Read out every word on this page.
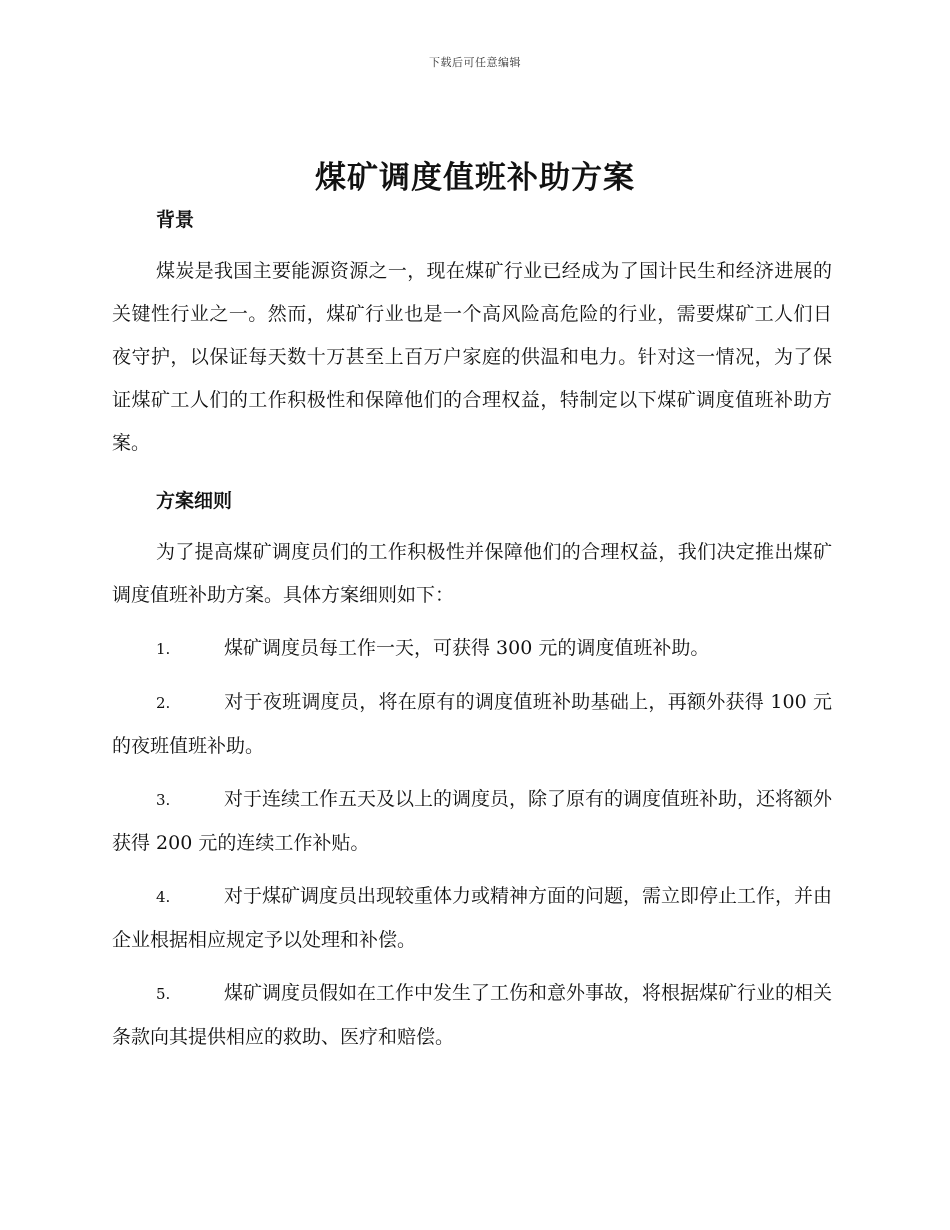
下载后可任意编辑
煤矿调度值班补助方案
背景

煤炭是我国主要能源资源之一，现在煤矿行业已经成为了国计民生和经济进展的关键性行业之一。然而，煤矿行业也是一个高风险高危险的行业，需要煤矿工人们日夜守护，以保证每天数十万甚至上百万户家庭的供温和电力。针对这一情况，为了保证煤矿工人们的工作积极性和保障他们的合理权益，特制定以下煤矿调度值班补助方案。

方案细则

为了提高煤矿调度员们的工作积极性并保障他们的合理权益，我们决定推出煤矿调度值班补助方案。具体方案细则如下：

1.	煤矿调度员每工作一天，可获得 300 元的调度值班补助。

2.	对于夜班调度员，将在原有的调度值班补助基础上，再额外获得 100 元的夜班值班补助。

3.	对于连续工作五天及以上的调度员，除了原有的调度值班补助，还将额外获得 200 元的连续工作补贴。

4.	对于煤矿调度员出现较重体力或精神方面的问题，需立即停止工作，并由企业根据相应规定予以处理和补偿。

5.	煤矿调度员假如在工作中发生了工伤和意外事故，将根据煤矿行业的相关条款向其提供相应的救助、医疗和赔偿。
